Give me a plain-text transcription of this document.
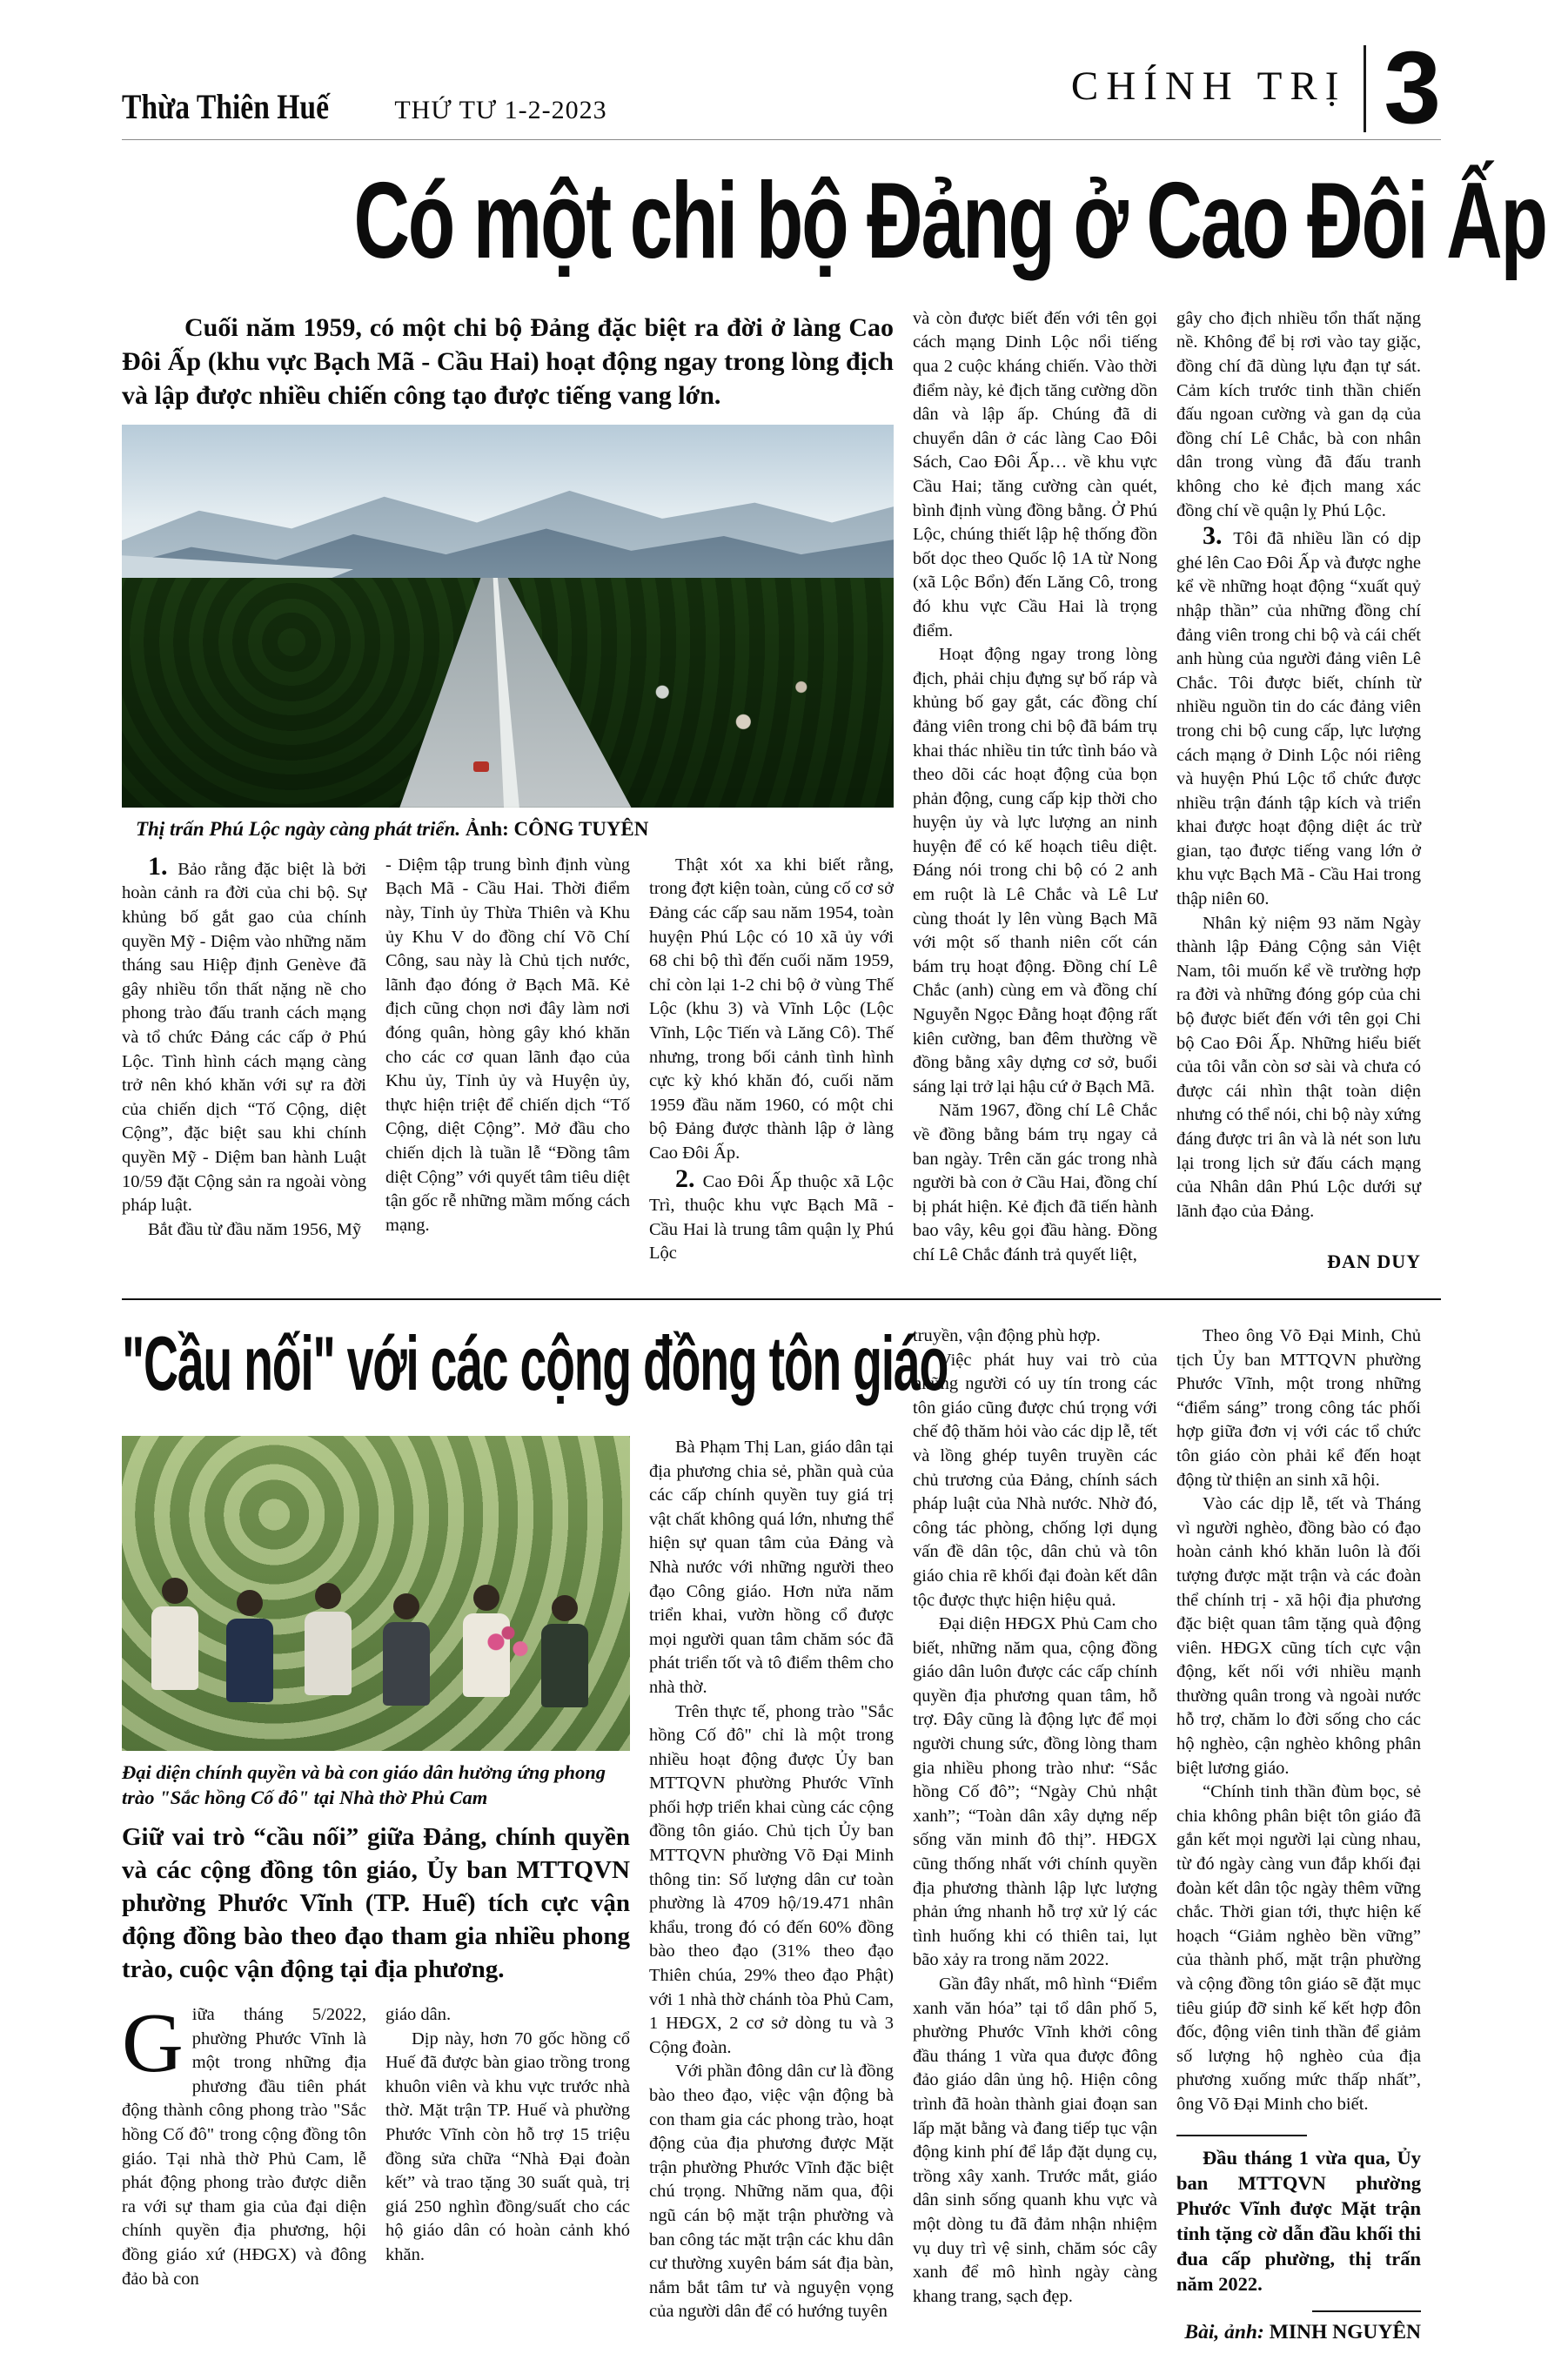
Thừa Thiên Huế	THỨ TƯ 1-2-2023
CHÍNH TRỊ 3
Có một chi bộ Đảng ở Cao Đôi Ấp

Cuối năm 1959, có một chi bộ Đảng đặc biệt ra đời ở làng Cao Đôi Ấp (khu vực Bạch Mã - Cầu Hai) hoạt động ngay trong lòng địch và lập được nhiều chiến công tạo được tiếng vang lớn.

Thị trấn Phú Lộc ngày càng phát triển. Ảnh: CÔNG TUYÊN

1. Bảo rằng đặc biệt là bởi hoàn cảnh ra đời của chi bộ. Sự khủng bố gắt gao của chính quyền Mỹ - Diệm vào những năm tháng sau Hiệp định Genève đã gây nhiều tổn thất nặng nề cho phong trào đấu tranh cách mạng và tổ chức Đảng các cấp ở Phú Lộc. Tình hình cách mạng càng trở nên khó khăn với sự ra đời của chiến dịch “Tố Cộng, diệt Cộng”, đặc biệt sau khi chính quyền Mỹ - Diệm ban hành Luật 10/59 đặt Cộng sản ra ngoài vòng pháp luật.

Bắt đầu từ đầu năm 1956, Mỹ

- Diệm tập trung bình định vùng Bạch Mã - Cầu Hai. Thời điểm này, Tỉnh ủy Thừa Thiên và Khu ủy Khu V do đồng chí Võ Chí Công, sau này là Chủ tịch nước, lãnh đạo đóng ở Bạch Mã. Kẻ địch cũng chọn nơi đây làm nơi đóng quân, hòng gây khó khăn cho các cơ quan lãnh đạo của Khu ủy, Tỉnh ủy và Huyện ủy, thực hiện triệt để chiến dịch “Tố Cộng, diệt Cộng”. Mở đầu cho chiến dịch là tuần lễ “Đồng tâm diệt Cộng” với quyết tâm tiêu diệt tận gốc rễ những mầm mống cách mạng.

Thật xót xa khi biết rằng, trong đợt kiện toàn, củng cố cơ sở Đảng các cấp sau năm 1954, toàn huyện Phú Lộc có 10 xã ủy với 68 chi bộ thì đến cuối năm 1959, chỉ còn lại 1-2 chi bộ ở vùng Thế Lộc (khu 3) và Vĩnh Lộc (Lộc Vĩnh, Lộc Tiến và Lăng Cô). Thế nhưng, trong bối cảnh tình hình cực kỳ khó khăn đó, cuối năm 1959 đầu năm 1960, có một chi bộ Đảng được thành lập ở làng Cao Đôi Ấp.

2. Cao Đôi Ấp thuộc xã Lộc Trì, thuộc khu vực Bạch Mã - Cầu Hai là trung tâm quận lỵ Phú Lộc

và còn được biết đến với tên gọi cách mạng Dinh Lộc nổi tiếng qua 2 cuộc kháng chiến. Vào thời điểm này, kẻ địch tăng cường dồn dân và lập ấp. Chúng đã di chuyển dân ở các làng Cao Đôi Sách, Cao Đôi Ấp… về khu vực Cầu Hai; tăng cường càn quét, bình định vùng đồng bằng. Ở Phú Lộc, chúng thiết lập hệ thống đồn bốt dọc theo Quốc lộ 1A từ Nong (xã Lộc Bổn) đến Lăng Cô, trong đó khu vực Cầu Hai là trọng điểm.

Hoạt động ngay trong lòng địch, phải chịu đựng sự bố ráp và khủng bố gay gắt, các đồng chí đảng viên trong chi bộ đã bám trụ khai thác nhiều tin tức tình báo và theo dõi các hoạt động của bọn phản động, cung cấp kịp thời cho huyện ủy và lực lượng an ninh huyện để có kế hoạch tiêu diệt. Đáng nói trong chi bộ có 2 anh em ruột là Lê Chắc và Lê Lư cùng thoát ly lên vùng Bạch Mã với một số thanh niên cốt cán bám trụ hoạt động. Đồng chí Lê Chắc (anh) cùng em và đồng chí Nguyễn Ngọc Đằng hoạt động rất kiên cường, ban đêm thường về đồng bằng xây dựng cơ sở, buổi sáng lại trở lại hậu cứ ở Bạch Mã.

Năm 1967, đồng chí Lê Chắc về đồng bằng bám trụ ngay cả ban ngày. Trên căn gác trong nhà người bà con ở Cầu Hai, đồng chí bị phát hiện. Kẻ địch đã tiến hành bao vây, kêu gọi đầu hàng. Đồng chí Lê Chắc đánh trả quyết liệt,

gây cho địch nhiều tổn thất nặng nề. Không để bị rơi vào tay giặc, đồng chí đã dùng lựu đạn tự sát. Cảm kích trước tinh thần chiến đấu ngoan cường và gan dạ của đồng chí Lê Chắc, bà con nhân dân trong vùng đã đấu tranh không cho kẻ địch mang xác đồng chí về quận lỵ Phú Lộc.

3. Tôi đã nhiều lần có dịp ghé lên Cao Đôi Ấp và được nghe kể về những hoạt động “xuất quỷ nhập thần” của những đồng chí đảng viên trong chi bộ và cái chết anh hùng của người đảng viên Lê Chắc. Tôi được biết, chính từ nhiều nguồn tin do các đảng viên trong chi bộ cung cấp, lực lượng cách mạng ở Dinh Lộc nói riêng và huyện Phú Lộc tổ chức được nhiều trận đánh tập kích và triển khai được hoạt động diệt ác trừ gian, tạo được tiếng vang lớn ở khu vực Bạch Mã - Cầu Hai trong thập niên 60.

Nhân kỷ niệm 93 năm Ngày thành lập Đảng Cộng sản Việt Nam, tôi muốn kể về trường hợp ra đời và những đóng góp của chi bộ được biết đến với tên gọi Chi bộ Cao Đôi Ấp. Những hiểu biết của tôi vẫn còn sơ sài và chưa có được cái nhìn thật toàn diện nhưng có thể nói, chi bộ này xứng đáng được tri ân và là nét son lưu lại trong lịch sử đấu cách mạng của Nhân dân Phú Lộc dưới sự lãnh đạo của Đảng.

ĐAN DUY
"Cầu nối" với các cộng đồng tôn giáo

Đại diện chính quyền và bà con giáo dân hưởng ứng phong trào "Sắc hồng Cố đô" tại Nhà thờ Phủ Cam

Giữ vai trò “cầu nối” giữa Đảng, chính quyền và các cộng đồng tôn giáo, Ủy ban MTTQVN phường Phước Vĩnh (TP. Huế) tích cực vận động đồng bào theo đạo tham gia nhiều phong trào, cuộc vận động tại địa phương.

Giữa tháng 5/2022, phường Phước Vĩnh là một trong những địa phương đầu tiên phát động thành công phong trào "Sắc hồng Cố đô" trong cộng đồng tôn giáo. Tại nhà thờ Phủ Cam, lễ phát động phong trào được diễn ra với sự tham gia của đại diện chính quyền địa phương, hội đồng giáo xứ (HĐGX) và đông đảo bà con

giáo dân.

Dịp này, hơn 70 gốc hồng cổ Huế đã được bàn giao trồng trong khuôn viên và khu vực trước nhà thờ. Mặt trận TP. Huế và phường Phước Vĩnh còn hỗ trợ 15 triệu đồng sửa chữa “Nhà Đại đoàn kết” và trao tặng 30 suất quà, trị giá 250 nghìn đồng/suất cho các hộ giáo dân có hoàn cảnh khó khăn.

Bà Phạm Thị Lan, giáo dân tại địa phương chia sẻ, phần quà của các cấp chính quyền tuy giá trị vật chất không quá lớn, nhưng thể hiện sự quan tâm của Đảng và Nhà nước với những người theo đạo Công giáo. Hơn nửa năm triển khai, vườn hồng cổ được mọi người quan tâm chăm sóc đã phát triển tốt và tô điểm thêm cho nhà thờ.

Trên thực tế, phong trào "Sắc hồng Cố đô" chỉ là một trong nhiều hoạt động được Ủy ban MTTQVN phường Phước Vĩnh phối hợp triển khai cùng các cộng đồng tôn giáo. Chủ tịch Ủy ban MTTQVN phường Võ Đại Minh thông tin: Số lượng dân cư toàn phường là 4709 hộ/19.471 nhân khẩu, trong đó có đến 60% đồng bào theo đạo (31% theo đạo Thiên chúa, 29% theo đạo Phật) với 1 nhà thờ chánh tòa Phủ Cam, 1 HĐGX, 2 cơ sở dòng tu và 3 Cộng đoàn.

Với phần đông dân cư là đồng bào theo đạo, việc vận động bà con tham gia các phong trào, hoạt động của địa phương được Mặt trận phường Phước Vĩnh đặc biệt chú trọng. Những năm qua, đội ngũ cán bộ mặt trận phường và ban công tác mặt trận các khu dân cư thường xuyên bám sát địa bàn, nắm bắt tâm tư và nguyện vọng của người dân để có hướng tuyên

truyền, vận động phù hợp.

Việc phát huy vai trò của những người có uy tín trong các tôn giáo cũng được chú trọng với chế độ thăm hỏi vào các dịp lễ, tết và lồng ghép tuyên truyền các chủ trương của Đảng, chính sách pháp luật của Nhà nước. Nhờ đó, công tác phòng, chống lợi dụng vấn đề dân tộc, dân chủ và tôn giáo chia rẽ khối đại đoàn kết dân tộc được thực hiện hiệu quả.

Đại diện HĐGX Phủ Cam cho biết, những năm qua, cộng đồng giáo dân luôn được các cấp chính quyền địa phương quan tâm, hỗ trợ. Đây cũng là động lực để mọi người chung sức, đồng lòng tham gia nhiều phong trào như: “Sắc hồng Cố đô”; “Ngày Chủ nhật xanh”; “Toàn dân xây dựng nếp sống văn minh đô thị”. HĐGX cũng thống nhất với chính quyền địa phương thành lập lực lượng phản ứng nhanh hỗ trợ xử lý các tình huống khi có thiên tai, lụt bão xảy ra trong năm 2022.

Gần đây nhất, mô hình “Điểm xanh văn hóa” tại tổ dân phố 5, phường Phước Vĩnh khởi công đầu tháng 1 vừa qua được đông đảo giáo dân ủng hộ. Hiện công trình đã hoàn thành giai đoạn san lấp mặt bằng và đang tiếp tục vận động kinh phí để lắp đặt dụng cụ, trồng xây xanh. Trước mắt, giáo dân sinh sống quanh khu vực và một dòng tu đã đảm nhận nhiệm vụ duy trì vệ sinh, chăm sóc cây xanh để mô hình ngày càng khang trang, sạch đẹp.

Theo ông Võ Đại Minh, Chủ tịch Ủy ban MTTQVN phường Phước Vĩnh, một trong những “điểm sáng” trong công tác phối hợp giữa đơn vị với các tổ chức tôn giáo còn phải kể đến hoạt động từ thiện an sinh xã hội.

Vào các dịp lễ, tết và Tháng vì người nghèo, đồng bào có đạo hoàn cảnh khó khăn luôn là đối tượng được mặt trận và các đoàn thể chính trị - xã hội địa phương đặc biệt quan tâm tặng quà động viên. HĐGX cũng tích cực vận động, kết nối với nhiều mạnh thường quân trong và ngoài nước hỗ trợ, chăm lo đời sống cho các hộ nghèo, cận nghèo không phân biệt lương giáo.

“Chính tinh thần đùm bọc, sẻ chia không phân biệt tôn giáo đã gắn kết mọi người lại cùng nhau, từ đó ngày càng vun đắp khối đại đoàn kết dân tộc ngày thêm vững chắc. Thời gian tới, thực hiện kế hoạch “Giảm nghèo bền vững” của thành phố, mặt trận phường và cộng đồng tôn giáo sẽ đặt mục tiêu giúp đỡ sinh kế kết hợp đôn đốc, động viên tinh thần để giảm số lượng hộ nghèo của địa phương xuống mức thấp nhất”, ông Võ Đại Minh cho biết.

Đầu tháng 1 vừa qua, Ủy ban MTTQVN phường Phước Vĩnh được Mặt trận tỉnh tặng cờ dẫn đầu khối thi đua cấp phường, thị trấn năm 2022.

Bài, ảnh: MINH NGUYÊN
